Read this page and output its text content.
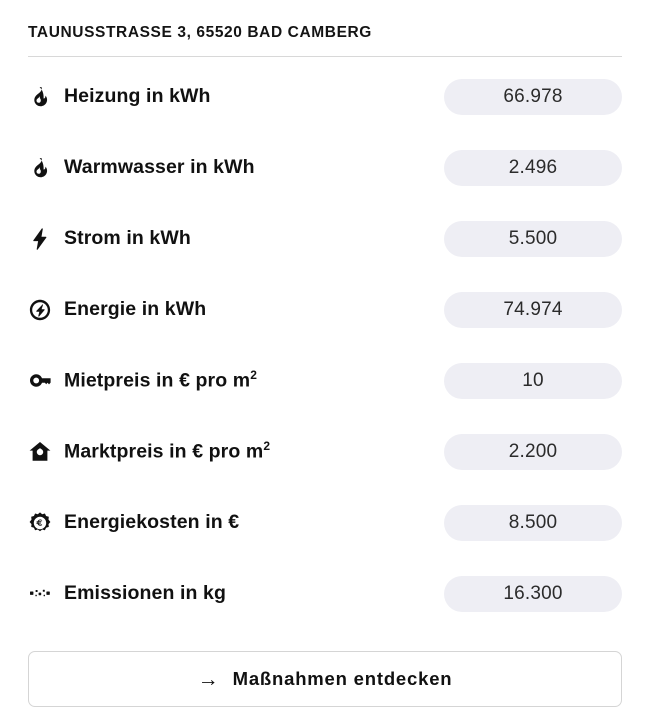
TAUNUSSTRASSE 3, 65520 BAD CAMBERG
Heizung in kWh	66.978
Warmwasser in kWh	2.496
Strom in kWh	5.500
Energie in kWh	74.974
Mietpreis in € pro $m^2$	10
Marktpreis in € pro $m^2$	2.200
Energiekosten in €	8.500
Emissionen in kg	16.300
→ Maßnahmen entdecken
